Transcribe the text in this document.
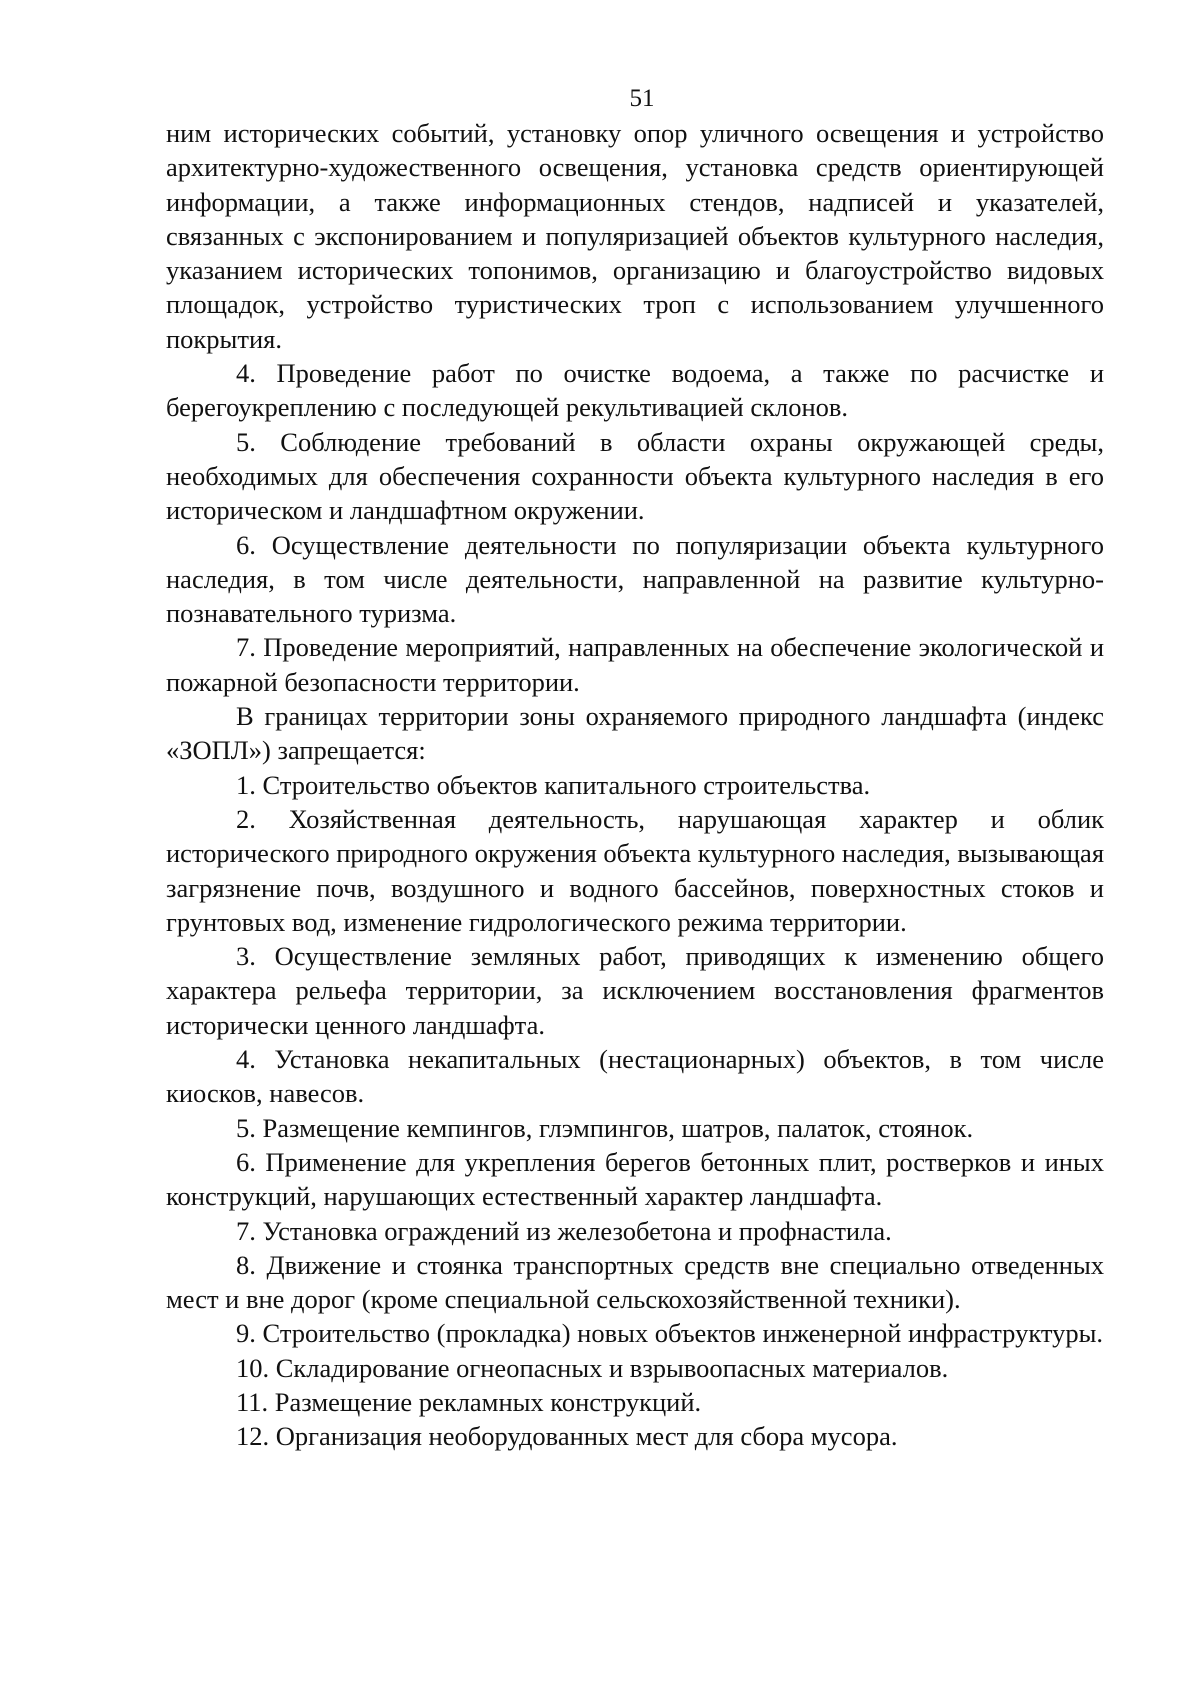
51

ним исторических событий, установку опор уличного освещения и устройство архитектурно-художественного освещения, установка средств ориентирующей информации, а также информационных стендов, надписей и указателей, связанных с экспонированием и популяризацией объектов культурного наследия, указанием исторических топонимов, организацию и благоустройство видовых площадок, устройство туристических троп с использованием улучшенного покрытия.

4. Проведение работ по очистке водоема, а также по расчистке и берегоукреплению с последующей рекультивацией склонов.

5. Соблюдение требований в области охраны окружающей среды, необходимых для обеспечения сохранности объекта культурного наследия в его историческом и ландшафтном окружении.

6. Осуществление деятельности по популяризации объекта культурного наследия, в том числе деятельности, направленной на развитие культурно-познавательного туризма.

7. Проведение мероприятий, направленных на обеспечение экологической и пожарной безопасности территории.

В границах территории зоны охраняемого природного ландшафта (индекс «ЗОПЛ») запрещается:

1. Строительство объектов капитального строительства.

2. Хозяйственная деятельность, нарушающая характер и облик исторического природного окружения объекта культурного наследия, вызывающая загрязнение почв, воздушного и водного бассейнов, поверхностных стоков и грунтовых вод, изменение гидрологического режима территории.

3. Осуществление земляных работ, приводящих к изменению общего характера рельефа территории, за исключением восстановления фрагментов исторически ценного ландшафта.

4. Установка некапитальных (нестационарных) объектов, в том числе киосков, навесов.

5. Размещение кемпингов, глэмпингов, шатров, палаток, стоянок.

6. Применение для укрепления берегов бетонных плит, ростверков и иных конструкций, нарушающих естественный характер ландшафта.

7. Установка ограждений из железобетона и профнастила.

8. Движение и стоянка транспортных средств вне специально отведенных мест и вне дорог (кроме специальной сельскохозяйственной техники).

9. Строительство (прокладка) новых объектов инженерной инфраструктуры.

10. Складирование огнеопасных и взрывоопасных материалов.

11. Размещение рекламных конструкций.

12. Организация необорудованных мест для сбора мусора.
